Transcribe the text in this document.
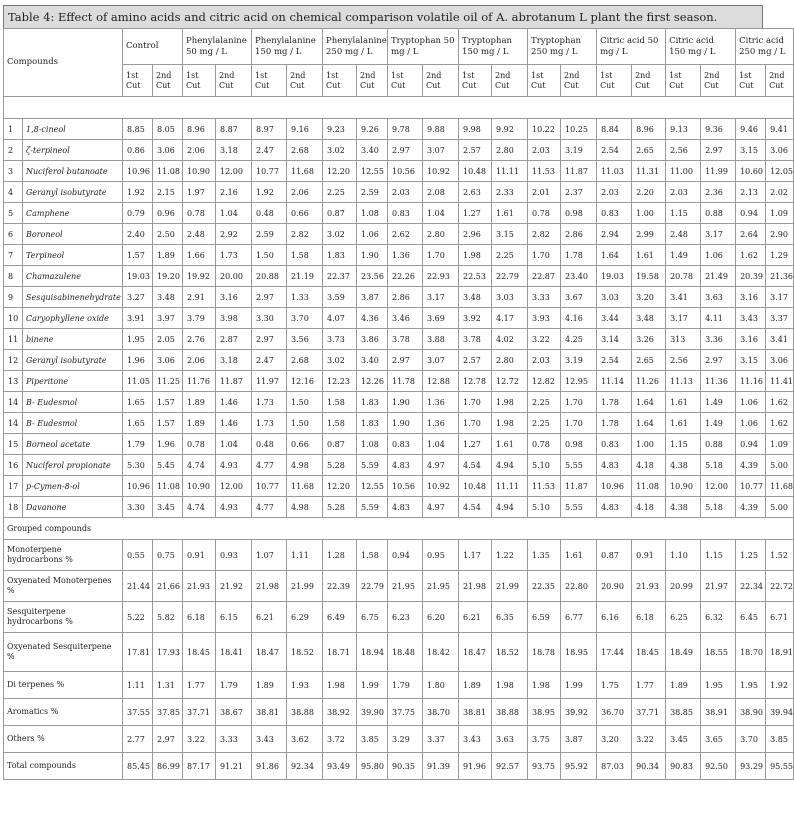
Table 4: Effect of amino acids and citric acid on chemical comparison volatile oil of A. abrotanum L plant the first season.
Compounds		Control		Phenylalanine 50 mg / L		Phenylalanine 150 mg / L		Phenylalanine 250 mg / L		Tryptophan 50 mg / L		Tryptophan 150 mg / L		Tryptophan 250 mg / L		Citric acid 50 mg / L		Citric acid 150 mg / L		Citric acid 250 mg / L	
		1st Cut	2nd Cut	1st Cut	2nd Cut	1st Cut	2nd Cut	1st Cut	2nd Cut	1st Cut	2nd Cut	1st Cut	2nd Cut	1st Cut	2nd Cut	1st Cut	2nd Cut	1st Cut	2nd Cut	1st Cut	2nd Cut

1	1,8-cineol	8.85	8.05	8.96	8.87	8.97	9.16	9.23	9.26	9.78	9.88	9.98	9.92	10.22	10.25	8.84	8.96	9.13	9.36	9.46	9.41
2	ζ-terpineol	0.86	3.06	2.06	3.18	2.47	2.68	3.02	3.40	2.97	3.07	2.57	2.80	2.03	3.19	2.54	2.65	2.56	2.97	3.15	3.06
3	Nuciferol butanoate	10.96	11.08	10.90	12.00	10.77	11.68	12.20	12.55	10.56	10.92	10.48	11.11	11.53	11.87	11.03	11.31	11.00	11.99	10.60	12.05
4	Geranyl isobutyrate	1.92	2.15	1.97	2.16	1.92	2.06	2.25	2.59	2.03	2.08	2.63	2.33	2.01	2.37	2.03	2.20	2.03	2.36	2.13	2.02
5	Camphene	0.79	0.96	0.78	1.04	0.48	0.66	0.87	1.08	0.83	1.04	1.27	1.61	0.78	0.98	0.83	1.00	1.15	0.88	0.94	1.09
6	Boroneol	2.40	2.50	2.48	2.92	2.59	2.82	3.02	1.06	2.62	2.80	2.96	3.15	2.82	2.86	2.94	2.99	2.48	3.17	2.64	2.90
7	Terpineol	1.57	1.89	1.66	1.73	1.50	1.58	1.83	1.90	1.36	1.70	1.98	2.25	1.70	1.78	1.64	1.61	1.49	1.06	1.62	1.29
8	Chamazulene	19.03	19.20	19.92	20.00	20.88	21.19	22.37	23.56	22.26	22.93	22.53	22.79	22.87	23.40	19.03	19.58	20.78	21.49	20.39	21.36
9	Sesquisabinenehydrate	3.27	3.48	2.91	3.16	2.97	1.33	3.59	3.87	2.86	3.17	3.48	3.03	3.33	3.67	3.03	3.20	3.41	3.63	3.16	3.17
10	Caryophyllene oxide	3.91	3.97	3.79	3.98	3.30	3.70	4.07	4.36	3.46	3.69	3.92	4.17	3.93	4.16	3.44	3.48	3.17	4.11	3.43	3.37
11	binene	1.95	2.05	2.76	2.87	2.97	3.56	3.73	3.86	3.78	3.88	3.78	4.02	3.22	4.25	3.14	3.26	313	3.36	3.16	3.41
12	Geranyl isobutyrate	1.96	3.06	2.06	3.18	2.47	2.68	3.02	3.40	2.97	3.07	2.57	2.80	2.03	3.19	2.54	2.65	2.56	2.97	3.15	3.06
13	Piperitone	11.05	11.25	11.76	11.87	11.97	12.16	12.23	12.26	11.78	12.88	12.78	12.72	12.82	12.95	11.14	11.26	11.13	11.36	11.16	11.41
14	B- Eudesmol	1.65	1.57	1.89	1.46	1.73	1.50	1.58	1.83	1.90	1.36	1.70	1.98	2.25	1.70	1.78	1.64	1.61	1.49	1.06	1.62
14	B- Eudesmol	1.65	1.57	1.89	1.46	1.73	1.50	1.58	1.83	1.90	1.36	1.70	1.98	2.25	1.70	1.78	1.64	1.61	1.49	1.06	1.62
15	Borneol acetate	1.79	1.96	0.78	1.04	0.48	0.66	0.87	1.08	0.83	1.04	1.27	1.61	0.78	0.98	0.83	1.00	1.15	0.88	0.94	1.09
16	Nuciferol propionate	5.30	5.45	4.74	4.93	4.77	4.98	5.28	5.59	4.83	4.97	4.54	4.94	5.10	5.55	4.83	4.18	4.38	5.18	4.39	5.00
17	p-Cymen-8-ol	10.96	11.08	10.90	12.00	10.77	11.68	12.20	12.55	10.56	10.92	10.48	11.11	11.53	11.87	10.96	11.08	10.90	12.00	10.77	11.68
18	Davanone	3.30	3.45	4.74	4.93	4.77	4.98	5.28	5.59	4.83	4.97	4.54	4.94	5.10	5.55	4.83	4.18	4.38	5.18	4.39	5.00
Grouped compounds																					
Monoterpene hydrocarbons %		0.55	0.75	0.91	0.93	1.07	1.11	1.28	1.58	0.94	0.95	1.17	1.22	1.35	1.61	0.87	0.91	1.10	1.15	1.25	1.52
Oxyenated Monoterpenes %		21.44	21.66	21.93	21.92	21.98	21.99	22.39	22.79	21.95	21.95	21.98	21.99	22.35	22.80	20.90	21.93	20.99	21.97	22.34	22.72
Sesquiterpene hydrocarbons %		5.22	5.82	6.18	6.15	6.21	6.29	6.49	6.75	6.23	6.20	6.21	6.35	6.59	6.77	6.16	6.18	6.25	6.32	6.45	6.71
Oxyenated Sesquiterpene %		17.81	17.93	18.45	18.41	18.47	18.52	18.71	18.94	18.48	18.42	18.47	18.52	18.78	18.95	17.44	18.45	18.49	18.55	18.70	18.91
Di terpenes %		1.11	1.31	1.77	1.79	1.89	1.93	1.98	1.99	1.79	1.80	1.89	1.98	1.98	1.99	1.75	1.77	1.89	1.95	1.95	1.92
Aromatics %		37.55	37.85	37.71	38.67	38.81	38.88	38.92	39.90	37.75	38.70	38.81	38.88	38.95	39.92	36.70	37.71	38.85	38.91	38.90	39.94
Others %		2.77	2.97	3.22	3.33	3.43	3.62	3.72	3.85	3.29	3.37	3.43	3.63	3.75	3.87	3.20	3.22	3.45	3.65	3.70	3.85
Total compounds		85.45	86.99	87.17	91.21	91.86	92.34	93.49	95.80	90.35	91.39	91.96	92.57	93.75	95.92	87.03	90.34	90.83	92.50	93.29	95.55
